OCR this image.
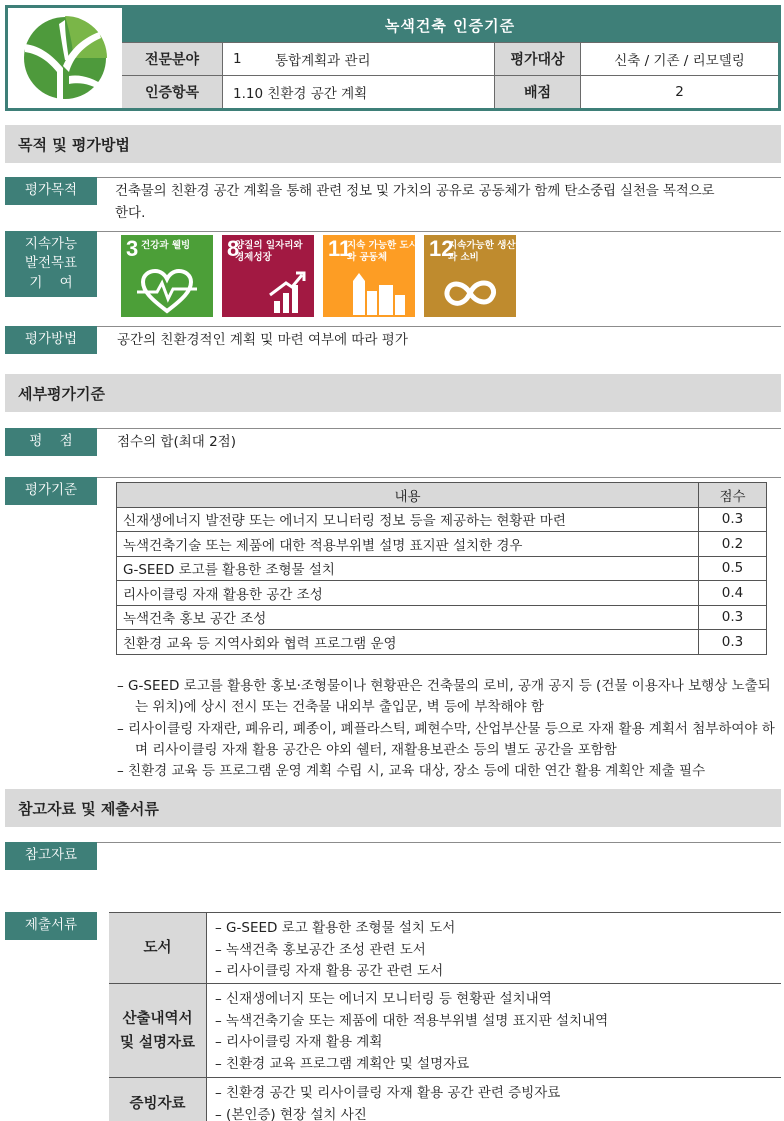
녹색건축 인증기준
전문분야	1	통합계획과 관리	평가대상	신축 / 기존 / 리모델링
인증항목	1.10 친환경 공간 계획	배점	2
목적 및 평가방법
평가목적	건축물의 친환경 공간 계획을 통해 관련 정보 및 가치의 공유로 공동체가 함께 탄소중립 실천을 목적으로
한다.
지속가능
발전목표
기    여
3 건강과 웰빙	8
양질의 일자리와 경제성장	11
지속 가능한 도시와 공동체	12
지속가능한 생산과 소비
평가방법	공간의 친환경적인 계획 및 마련 여부에 따라 평가
세부평가기준
평    점	점수의 합(최대 2점)
평가기준	내용	점수
신재생에너지 발전량 또는 에너지 모니터링 정보 등을 제공하는 현황판 마련	0.3
녹색건축기술 또는 제품에 대한 적용부위별 설명 표지판 설치한 경우	0.2
G-SEED 로고를 활용한 조형물 설치	0.5
리사이클링 자재 활용한 공간 조성	0.4
녹색건축 홍보 공간 조성	0.3
친환경 교육 등 지역사회와 협력 프로그램 운영	0.3
– G-SEED 로고를 활용한 홍보·조형물이나 현황판은 건축물의 로비, 공개 공지 등 (건물 이용자나 보행상 노출되는 위치)에 상시 전시 또는 건축물 내외부 출입문, 벽 등에 부착해야 함
– 리사이클링 자재란, 폐유리, 폐종이, 폐플라스틱, 폐현수막, 산업부산물 등으로 자재 활용 계획서 첨부하여야 하며 리사이클링 자재 활용 공간은 야외 쉘터, 재활용보관소 등의 별도 공간을 포함함
– 친환경 교육 등 프로그램 운영 계획 수립 시, 교육 대상, 장소 등에 대한 연간 활용 계획안 제출 필수
참고자료 및 제출서류
참고자료
제출서류
도서
– G-SEED 로고 활용한 조형물 설치 도서
– 녹색건축 홍보공간 조성 관련 도서
– 리사이클링 자재 활용 공간 관련 도서
산출내역서
및 설명자료
– 신재생에너지 또는 에너지 모니터링 등 현황판 설치내역
– 녹색건축기술 또는 제품에 대한 적용부위별 설명 표지판 설치내역
– 리사이클링 자재 활용 계획
– 친환경 교육 프로그램 계획안 및 설명자료
증빙자료
– 친환경 공간 및 리사이클링 자재 활용 공간 관련 증빙자료
– (본인증) 현장 설치 사진
